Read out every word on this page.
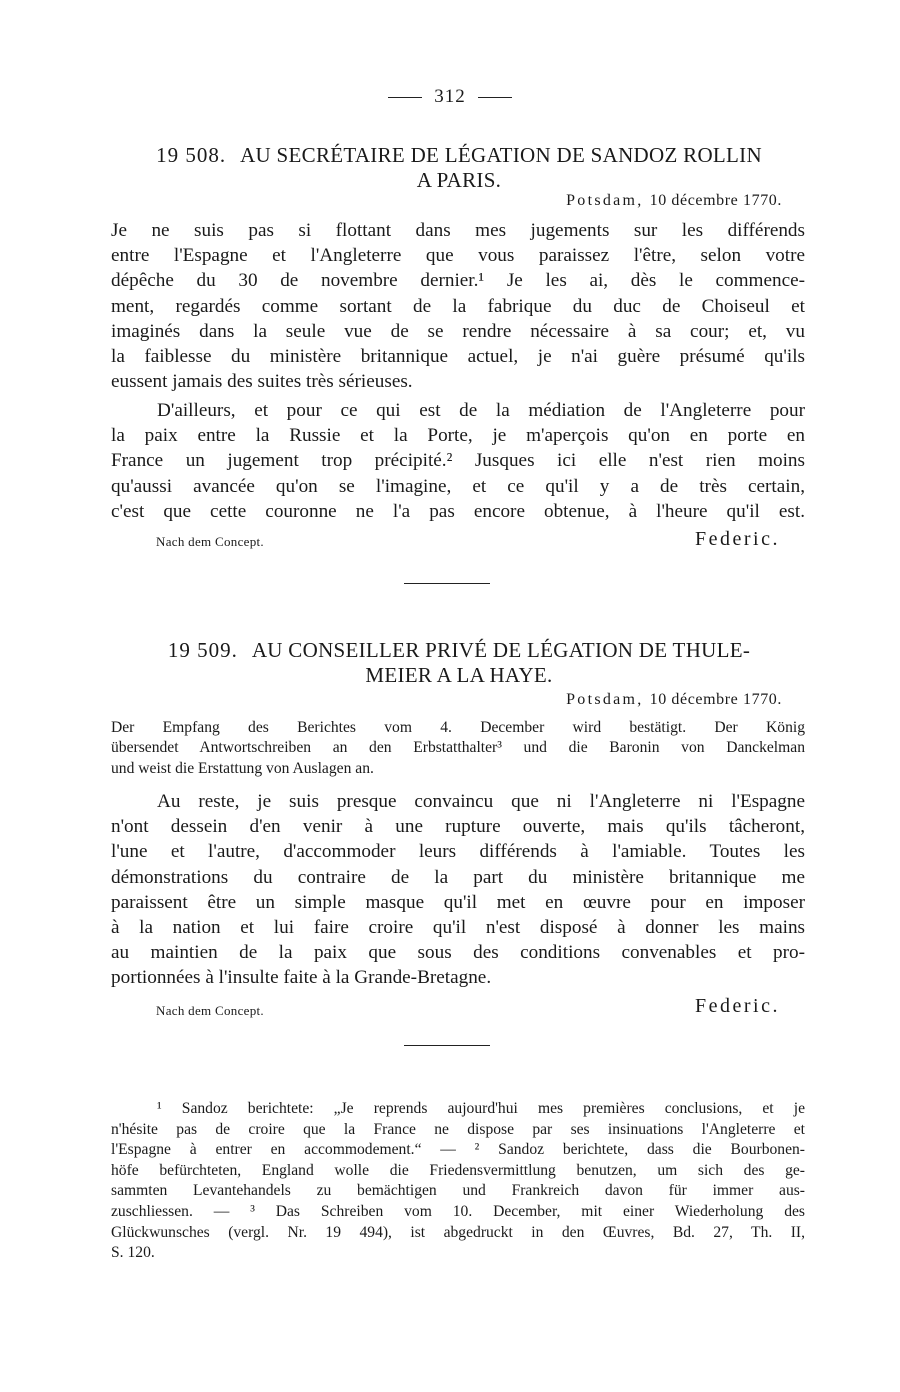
312
19 508. AU SECRÉTAIRE DE LÉGATION DE SANDOZ ROLLIN
A PARIS.
Potsdam, 10 décembre 1770.
Je ne suis pas si flottant dans mes jugements sur les différends
entre l'Espagne et l'Angleterre que vous paraissez l'être, selon votre
dépêche du 30 de novembre dernier.¹ Je les ai, dès le commence-
ment, regardés comme sortant de la fabrique du duc de Choiseul et
imaginés dans la seule vue de se rendre nécessaire à sa cour; et, vu
la faiblesse du ministère britannique actuel, je n'ai guère présumé qu'ils
eussent jamais des suites très sérieuses.
D'ailleurs, et pour ce qui est de la médiation de l'Angleterre pour
la paix entre la Russie et la Porte, je m'aperçois qu'on en porte en
France un jugement trop précipité.² Jusques ici elle n'est rien moins
qu'aussi avancée qu'on se l'imagine, et ce qu'il y a de très certain,
c'est que cette couronne ne l'a pas encore obtenue, à l'heure qu'il est.
Nach dem Concept.	Federic.
19 509. AU CONSEILLER PRIVÉ DE LÉGATION DE THULE-
MEIER A LA HAYE.
Potsdam, 10 décembre 1770.
Der Empfang des Berichtes vom 4. December wird bestätigt. Der König
übersendet Antwortschreiben an den Erbstatthalter³ und die Baronin von Danckelman
und weist die Erstattung von Auslagen an.
Au reste, je suis presque convaincu que ni l'Angleterre ni l'Espagne
n'ont dessein d'en venir à une rupture ouverte, mais qu'ils tâcheront,
l'une et l'autre, d'accommoder leurs différends à l'amiable. Toutes les
démonstrations du contraire de la part du ministère britannique me
paraissent être un simple masque qu'il met en œuvre pour en imposer
à la nation et lui faire croire qu'il n'est disposé à donner les mains
au maintien de la paix que sous des conditions convenables et pro-
portionnées à l'insulte faite à la Grande-Bretagne.
Nach dem Concept.	Federic.
¹ Sandoz berichtete: „Je reprends aujourd'hui mes premières conclusions, et je
n'hésite pas de croire que la France ne dispose par ses insinuations l'Angleterre et
l'Espagne à entrer en accommodement.“ — ² Sandoz berichtete, dass die Bourbonen-
höfe befürchteten, England wolle die Friedensvermittlung benutzen, um sich des ge-
sammten Levantehandels zu bemächtigen und Frankreich davon für immer aus-
zuschliessen. — ³ Das Schreiben vom 10. December, mit einer Wiederholung des
Glückwunsches (vergl. Nr. 19 494), ist abgedruckt in den Œuvres, Bd. 27, Th. II,
S. 120.
